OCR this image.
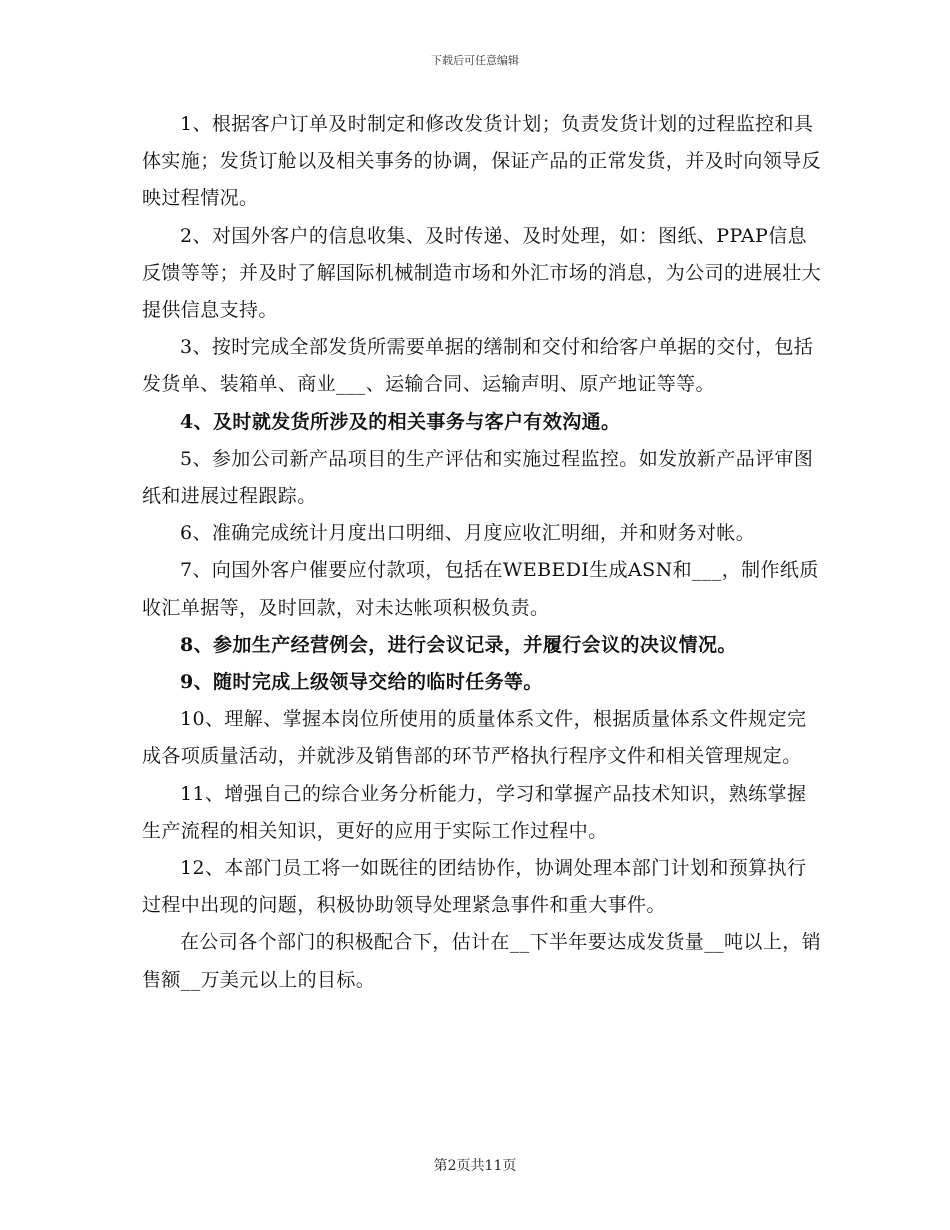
下载后可任意编辑

1、根据客户订单及时制定和修改发货计划；负责发货计划的过程监控和具体实施；发货订舱以及相关事务的协调，保证产品的正常发货，并及时向领导反映过程情况。

2、对国外客户的信息收集、及时传递、及时处理，如：图纸、PPAP信息反馈等等；并及时了解国际机械制造市场和外汇市场的消息，为公司的进展壮大提供信息支持。

3、按时完成全部发货所需要单据的缮制和交付和给客户单据的交付，包括发货单、装箱单、商业___、运输合同、运输声明、原产地证等等。

4、及时就发货所涉及的相关事务与客户有效沟通。

5、参加公司新产品项目的生产评估和实施过程监控。如发放新产品评审图纸和进展过程跟踪。

6、准确完成统计月度出口明细、月度应收汇明细，并和财务对帐。

7、向国外客户催要应付款项，包括在WEBEDI生成ASN和___，制作纸质收汇单据等，及时回款，对未达帐项积极负责。

8、参加生产经营例会，进行会议记录，并履行会议的决议情况。

9、随时完成上级领导交给的临时任务等。

10、理解、掌握本岗位所使用的质量体系文件，根据质量体系文件规定完成各项质量活动，并就涉及销售部的环节严格执行程序文件和相关管理规定。

11、增强自己的综合业务分析能力，学习和掌握产品技术知识，熟练掌握生产流程的相关知识，更好的应用于实际工作过程中。

12、本部门员工将一如既往的团结协作，协调处理本部门计划和预算执行过程中出现的问题，积极协助领导处理紧急事件和重大事件。

在公司各个部门的积极配合下，估计在__下半年要达成发货量__吨以上，销售额__万美元以上的目标。

第2页共11页
